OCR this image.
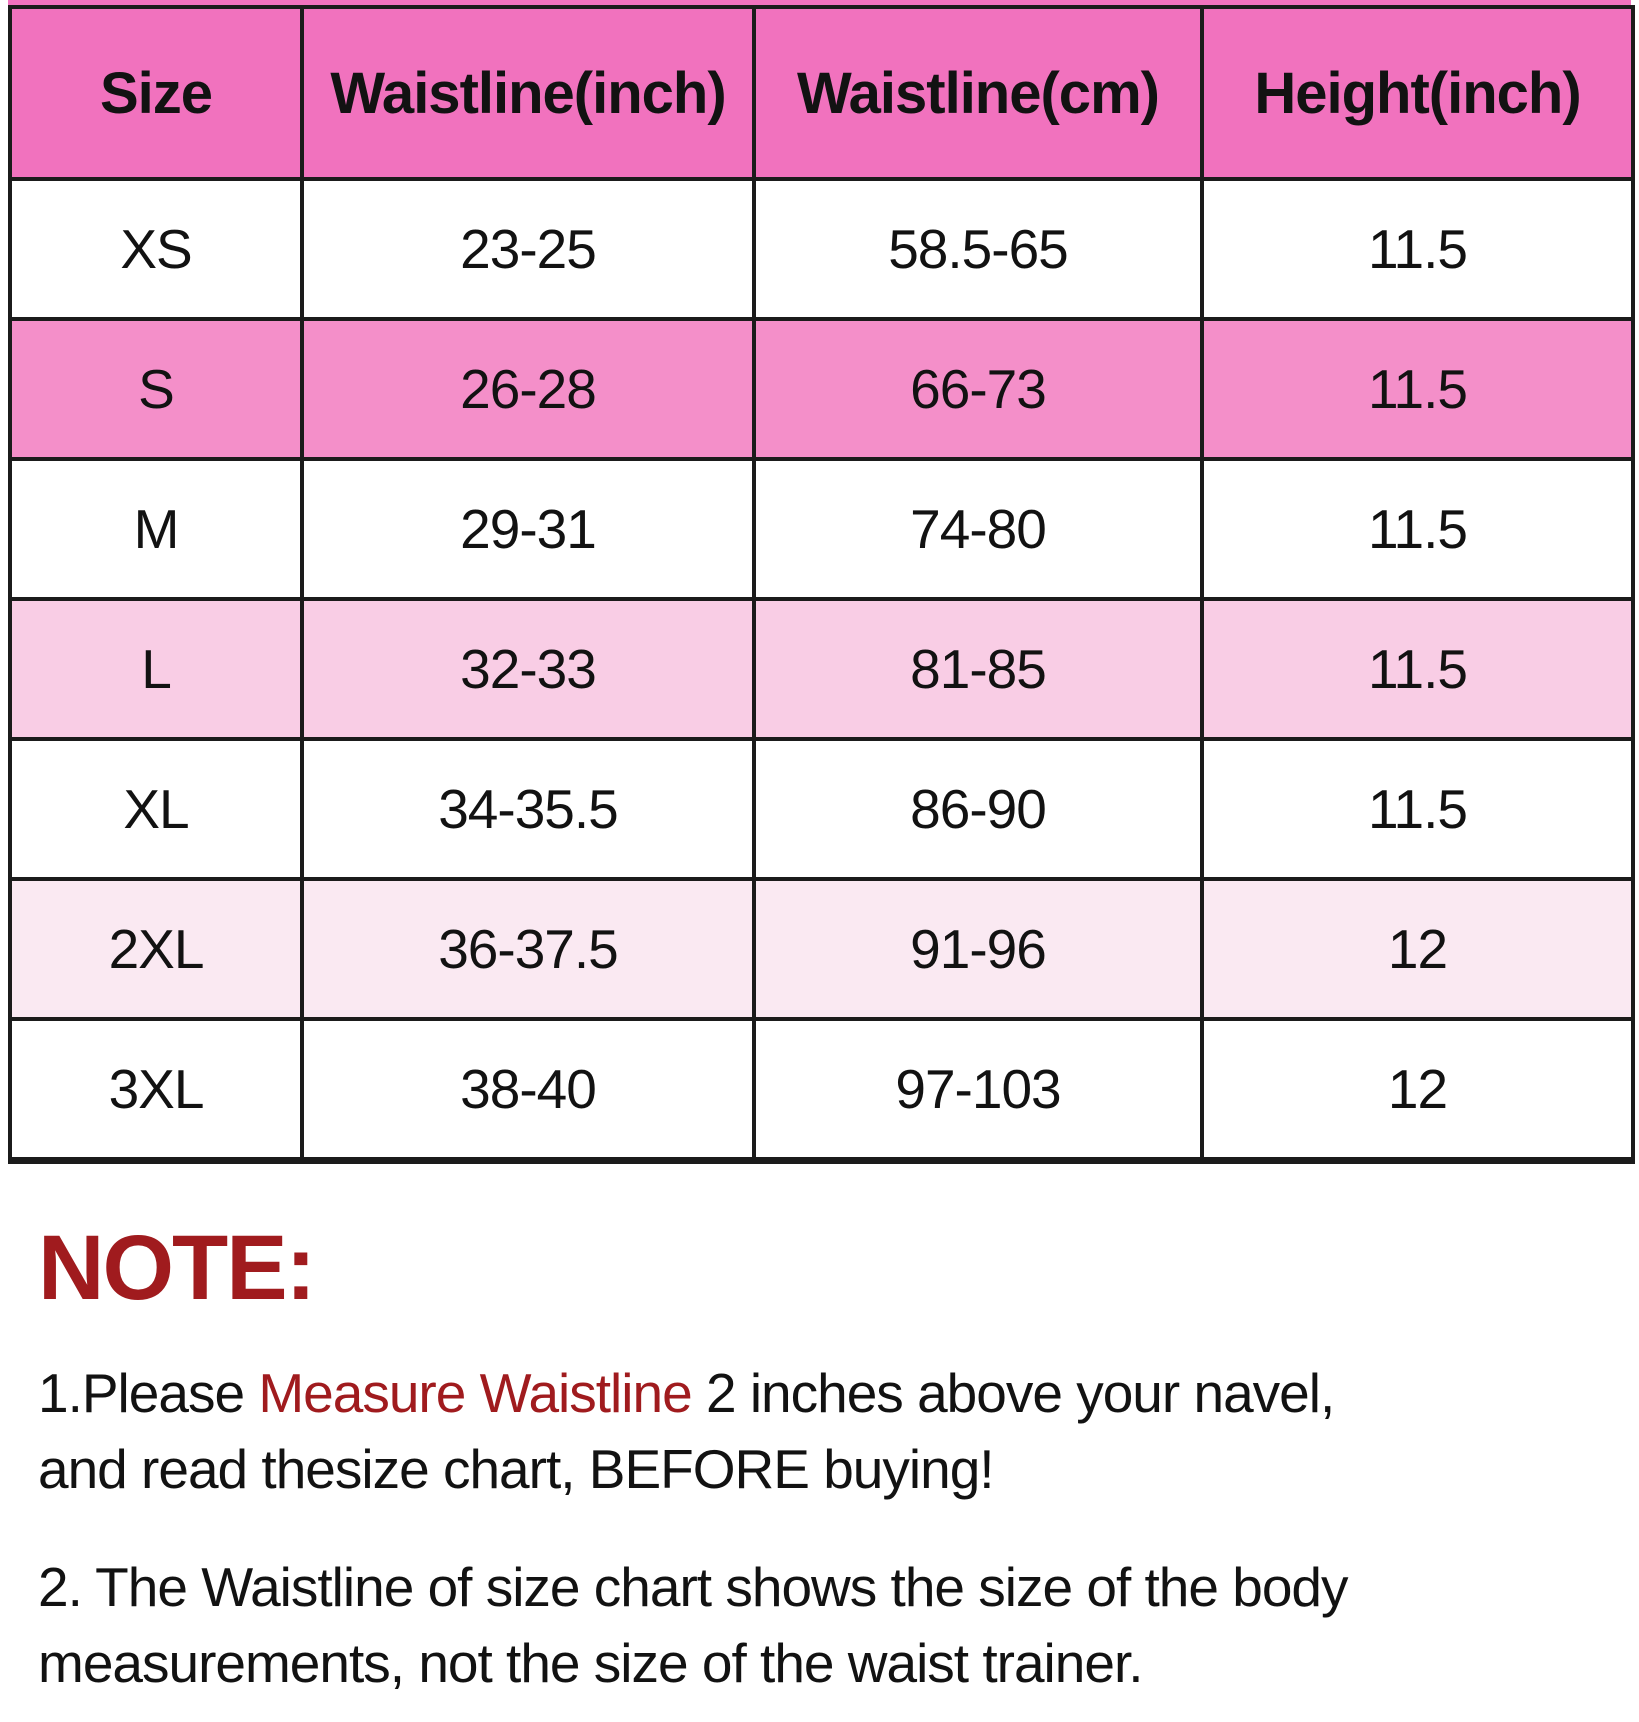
Size	Waistline(inch)	Waistline(cm)	Height(inch)
XS	23-25	58.5-65	11.5
S	26-28	66-73	11.5
M	29-31	74-80	11.5
L	32-33	81-85	11.5
XL	34-35.5	86-90	11.5
2XL	36-37.5	91-96	12
3XL	38-40	97-103	12
NOTE:

1.Please Measure Waistline 2 inches above your navel,
and read thesize chart, BEFORE buying!

2. The Waistline of size chart shows the size of the body
measurements, not the size of the waist trainer.
